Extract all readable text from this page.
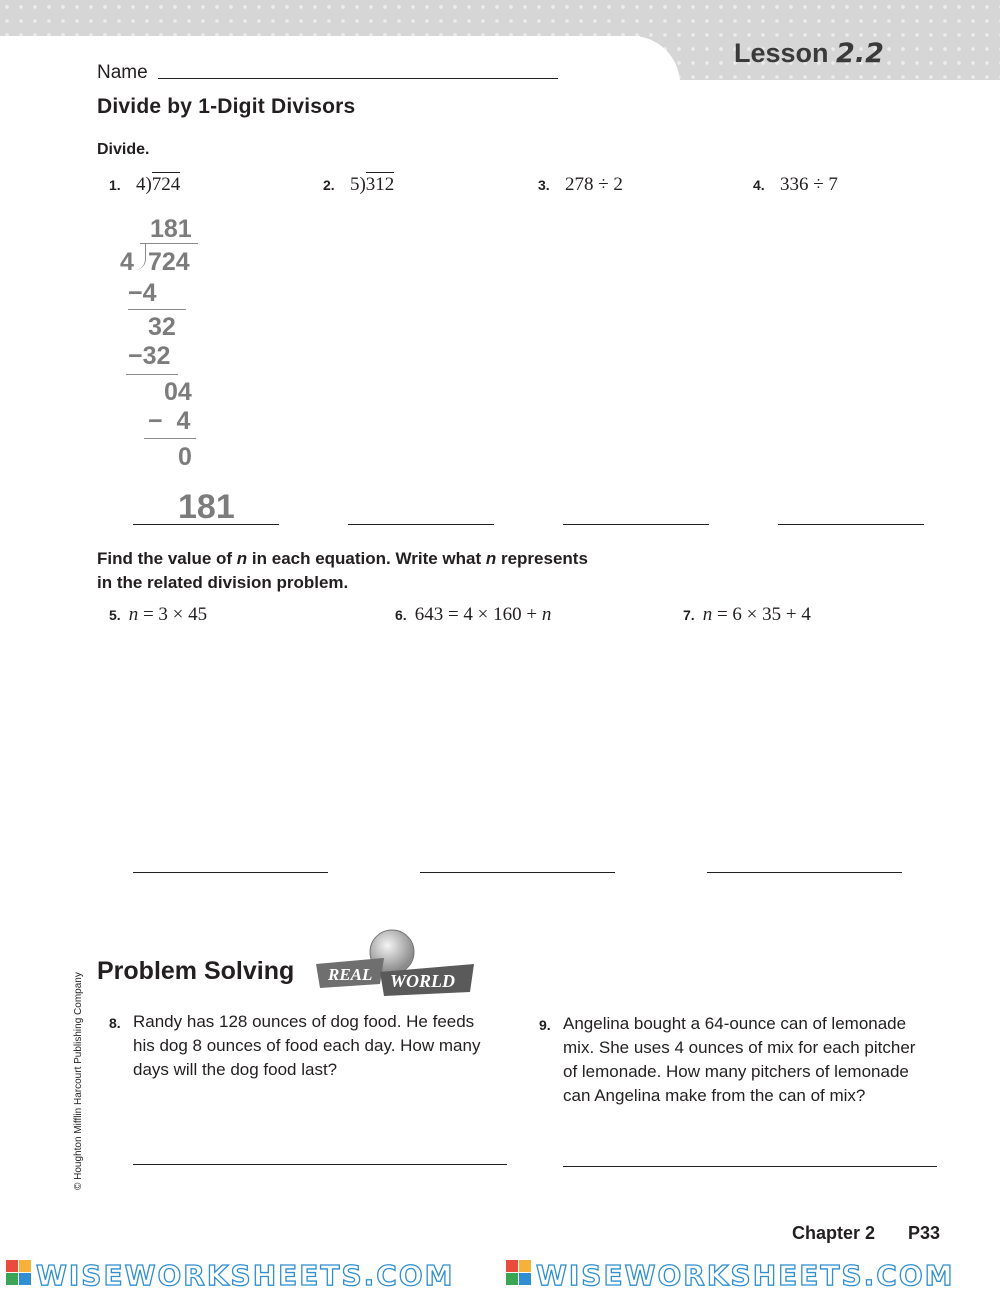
Lesson 2.2
Name
Divide by 1-Digit Divisors
Divide.
1. 4)724	2. 5)312	3. 278 ÷ 2	4. 336 ÷ 7
181
4 724
−4
32
−32
04
−  4
0
181
Find the value of n in each equation. Write what n represents
in the related division problem.
5. n = 3 × 45	6. 643 = 4 × 160 + n	7. n = 6 × 35 + 4
© Houghton Mifflin Harcourt Publishing Company
Problem Solving REAL WORLD
8. Randy has 128 ounces of dog food. He feeds
his dog 8 ounces of food each day. How many
days will the dog food last?
9. Angelina bought a 64-ounce can of lemonade
mix. She uses 4 ounces of mix for each pitcher
of lemonade. How many pitchers of lemonade
can Angelina make from the can of mix?
Chapter 2 P33
WISEWORKSHEETS.COM	WISEWORKSHEETS.COM
